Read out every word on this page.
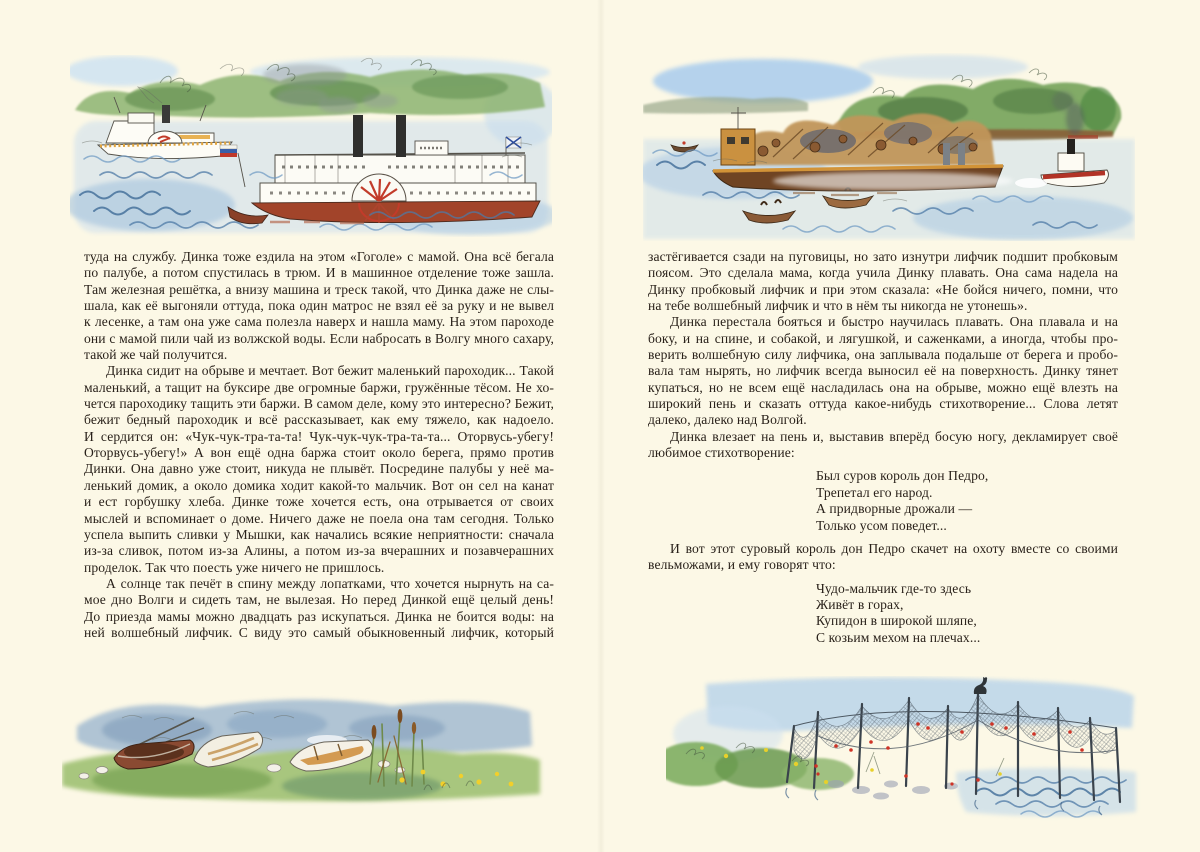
туда на службу. Динка тоже ездила на этом «Гоголе» с мамой. Она всё бегала
по палубе, а потом спустилась в трюм. И в машинное отделение тоже зашла.
Там железная решётка, а внизу машина и треск такой, что Динка даже не слы-
шала, как её выгоняли оттуда, пока один матрос не взял её за руку и не вывел
к лесенке, а там она уже сама полезла наверх и нашла маму. На этом пароходе
они с мамой пили чай из волжской воды. Если набросать в Волгу много сахару,
такой же чай получится.
Динка сидит на обрыве и мечтает. Вот бежит маленький пароходик... Такой
маленький, а тащит на буксире две огромные баржи, гружённые тёсом. Не хо-
чется пароходику тащить эти баржи. В самом деле, кому это интересно? Бежит,
бежит бедный пароходик и всё рассказывает, как ему тяжело, как надоело.
И сердится он: «Чук-чук-тра-та-та! Чук-чук-чук-тра-та-та... Оторвусь-убегу!
Оторвусь-убегу!» А вон ещё одна баржа стоит около берега, прямо против
Динки. Она давно уже стоит, никуда не плывёт. Посредине палубы у неё ма-
ленький домик, а около домика ходит какой-то мальчик. Вот он сел на канат
и ест горбушку хлеба. Динке тоже хочется есть, она отрывается от своих
мыслей и вспоминает о доме. Ничего даже не поела она там сегодня. Только
успела выпить сливки у Мышки, как начались всякие неприятности: сначала
из-за сливок, потом из-за Алины, а потом из-за вчерашних и позавчерашних
проделок. Так что поесть уже ничего не пришлось.
А солнце так печёт в спину между лопатками, что хочется нырнуть на са-
мое дно Волги и сидеть там, не вылезая. Но перед Динкой ещё целый день!
До приезда мамы можно двадцать раз искупаться. Динка не боится воды: на
ней волшебный лифчик. С виду это самый обыкновенный лифчик, который
застёгивается сзади на пуговицы, но зато изнутри лифчик подшит пробковым
поясом. Это сделала мама, когда учила Динку плавать. Она сама надела на
Динку пробковый лифчик и при этом сказала: «Не бойся ничего, помни, что
на тебе волшебный лифчик и что в нём ты никогда не утонешь».
Динка перестала бояться и быстро научилась плавать. Она плавала и на
боку, и на спине, и собакой, и лягушкой, и саженками, а иногда, чтобы про-
верить волшебную силу лифчика, она заплывала подальше от берега и пробо-
вала там нырять, но лифчик всегда выносил её на поверхность. Динку тянет
купаться, но не всем ещё насладилась она на обрыве, можно ещё влезть на
широкий пень и сказать оттуда какое-нибудь стихотворение... Слова летят
далеко, далеко над Волгой.
Динка влезает на пень и, выставив вперёд босую ногу, декламирует своё
любимое стихотворение:
Был суров король дон Педро,
Трепетал его народ.
А придворные дрожали —
Только усом поведет...
И вот этот суровый король дон Педро скачет на охоту вместе со своими
вельможами, и ему говорят что:
Чудо-мальчик где-то здесь
Живёт в горах,
Купидон в широкой шляпе,
С козьим мехом на плечах...
